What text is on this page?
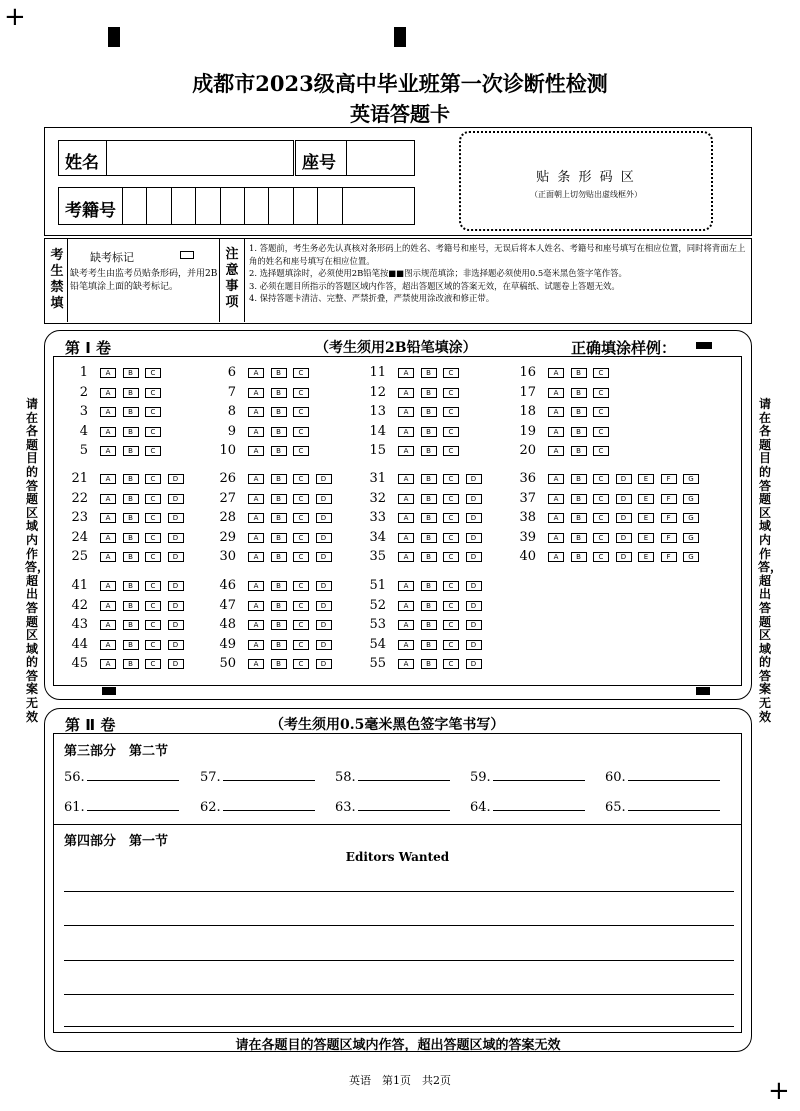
+
+
成都市2023级高中毕业班第一次诊断性检测
英语答题卡
姓名	座号
考籍号
贴 条 形 码 区
（正面朝上切勿贴出虚线框外）
考生禁填
缺考标记
缺考考生由监考员贴条形码，并用2B铅笔填涂上面的缺考标记。
注意事项
1. 答题前，考生务必先认真核对条形码上的姓名、考籍号和座号，无误后将本人姓名、考籍号和座号填写在相应位置，同时将背面左上角的姓名和座号填写在相应位置。
2. 选择题填涂时，必须使用2B铅笔按■■图示规范填涂；非选择题必须使用0.5毫米黑色签字笔作答。
3. 必须在题目所指示的答题区域内作答，超出答题区域的答案无效，在草稿纸、试题卷上答题无效。
4. 保持答题卡清洁、完整、严禁折叠，严禁使用涂改液和修正带。
请在各题目的答题区域内作答，超出答题区域的答案无效
请在各题目的答题区域内作答，超出答题区域的答案无效
第 Ⅰ 卷	（考生须用2B铅笔填涂）	正确填涂样例：
1	A	B	C
2	A	B	C
3	A	B	C
4	A	B	C
5	A	B	C
6	A	B	C
7	A	B	C
8	A	B	C
9	A	B	C
10	A	B	C
11	A	B	C
12	A	B	C
13	A	B	C
14	A	B	C
15	A	B	C
16	A	B	C
17	A	B	C
18	A	B	C
19	A	B	C
20	A	B	C
21	A	B	C	D
22	A	B	C	D
23	A	B	C	D
24	A	B	C	D
25	A	B	C	D
26	A	B	C	D
27	A	B	C	D
28	A	B	C	D
29	A	B	C	D
30	A	B	C	D
31	A	B	C	D
32	A	B	C	D
33	A	B	C	D
34	A	B	C	D
35	A	B	C	D
36	A	B	C	D	E	F	G
37	A	B	C	D	E	F	G
38	A	B	C	D	E	F	G
39	A	B	C	D	E	F	G
40	A	B	C	D	E	F	G
41	A	B	C	D
42	A	B	C	D
43	A	B	C	D
44	A	B	C	D
45	A	B	C	D
46	A	B	C	D
47	A	B	C	D
48	A	B	C	D
49	A	B	C	D
50	A	B	C	D
51	A	B	C	D
52	A	B	C	D
53	A	B	C	D
54	A	B	C	D
55	A	B	C	D
第 Ⅱ 卷	（考生须用0.5毫米黑色签字笔书写）
第三部分　第二节
第四部分　第一节
Editors Wanted
请在各题目的答题区域内作答，超出答题区域的答案无效
56.	57.	58.	59.	60.
61.	62.	63.	64.	65.
英语　第1页　共2页
